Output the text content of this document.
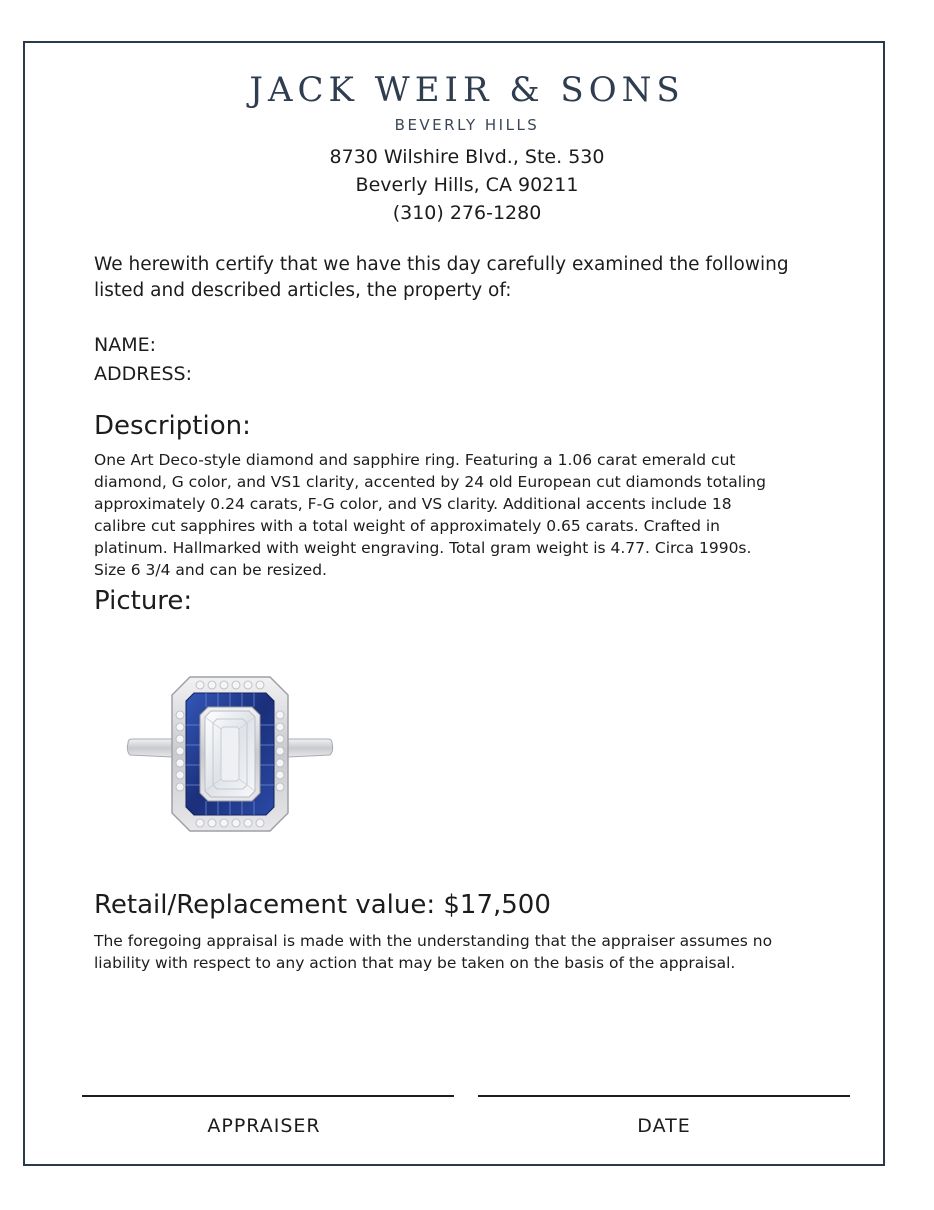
JACK WEIR & SONS
BEVERLY HILLS
8730 Wilshire Blvd., Ste. 530
Beverly Hills, CA 90211
(310) 276-1280
We herewith certify that we have this day carefully examined the following
listed and described articles, the property of:
NAME:
ADDRESS:
Description:
One Art Deco-style diamond and sapphire ring. Featuring a 1.06 carat emerald cut
diamond, G color, and VS1 clarity, accented by 24 old European cut diamonds totaling
approximately 0.24 carats, F-G color, and VS clarity. Additional accents include 18
calibre cut sapphires with a total weight of approximately 0.65 carats. Crafted in
platinum. Hallmarked with weight engraving. Total gram weight is 4.77. Circa 1990s.
Size 6 3/4 and can be resized.
Picture:
Retail/Replacement value: $17,500
The foregoing appraisal is made with the understanding that the appraiser assumes no
liability with respect to any action that may be taken on the basis of the appraisal.
APPRAISER	DATE
